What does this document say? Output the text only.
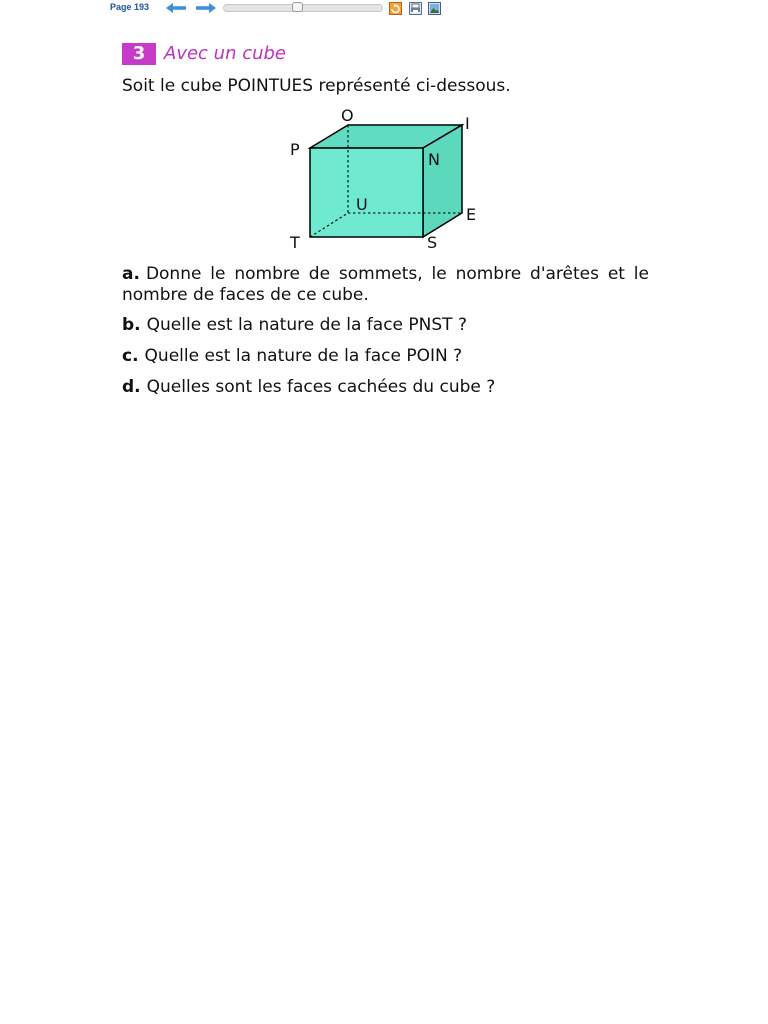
Page 193
3	Avec un cube
Soit le cube POINTUES représenté ci-dessous.
O	I
P
N
U
E
T	S
a. Donne le nombre de sommets, le nombre d'arêtes et le nombre de faces de ce cube.
b. Quelle est la nature de la face PNST ?
c. Quelle est la nature de la face POIN ?
d. Quelles sont les faces cachées du cube ?
